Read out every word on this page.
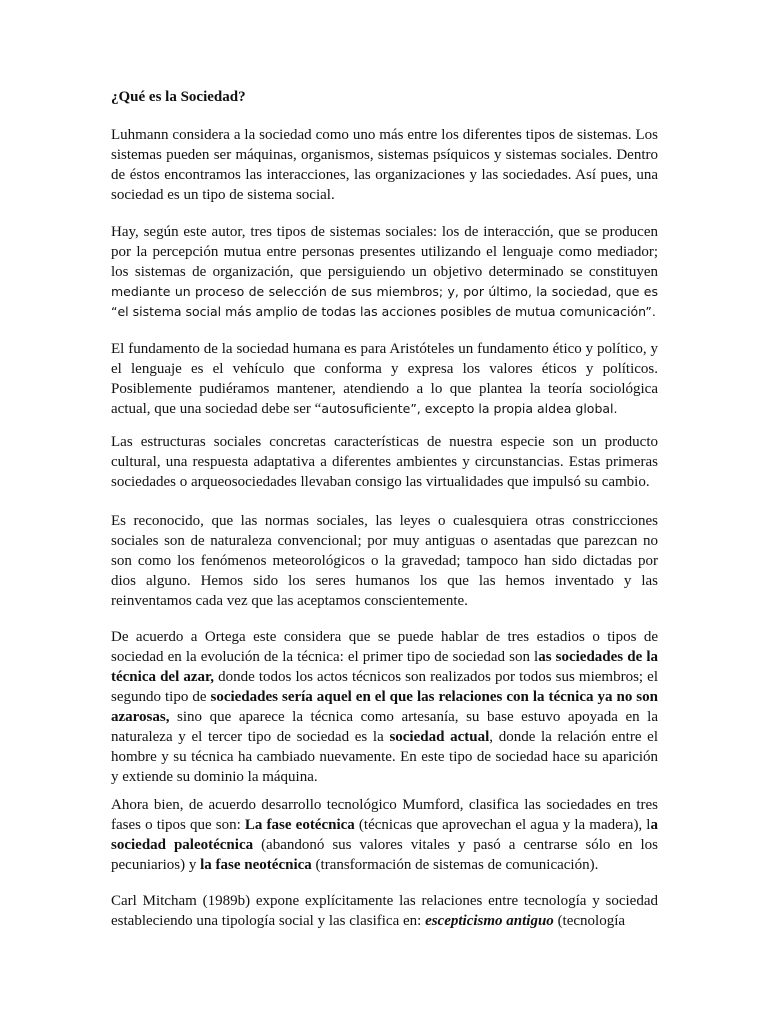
¿Qué es la Sociedad?

Luhmann considera a la sociedad como uno más entre los diferentes tipos de sistemas. Los sistemas pueden ser máquinas, organismos, sistemas psíquicos y sistemas sociales. Dentro de éstos encontramos las interacciones, las organizaciones y las sociedades. Así pues, una sociedad es un tipo de sistema social.

Hay, según este autor, tres tipos de sistemas sociales: los de interacción, que se producen por la percepción mutua entre personas presentes utilizando el lenguaje como mediador; los sistemas de organización, que persiguiendo un objetivo determinado se constituyen mediante un proceso de selección de sus miembros; y, por último, la sociedad, que es “el sistema social más amplio de todas las acciones posibles de mutua comunicación”.

El fundamento de la sociedad humana es para Aristóteles un fundamento ético y político, y el lenguaje es el vehículo que conforma y expresa los valores éticos y políticos. Posiblemente pudiéramos mantener, atendiendo a lo que plantea la teoría sociológica actual, que una sociedad debe ser “autosuficiente”, excepto la propia aldea global.

Las estructuras sociales concretas características de nuestra especie son un producto cultural, una respuesta adaptativa a diferentes ambientes y circunstancias. Estas primeras sociedades o arqueosociedades llevaban consigo las virtualidades que impulsó su cambio.

Es reconocido, que las normas sociales, las leyes o cualesquiera otras constricciones sociales son de naturaleza convencional; por muy antiguas o asentadas que parezcan no son como los fenómenos meteorológicos o la gravedad; tampoco han sido dictadas por dios alguno. Hemos sido los seres humanos los que las hemos inventado y las reinventamos cada vez que las aceptamos conscientemente.

De acuerdo a Ortega este considera que se puede hablar de tres estadios o tipos de sociedad en la evolución de la técnica: el primer tipo de sociedad son las sociedades de la técnica del azar, donde todos los actos técnicos son realizados por todos sus miembros; el segundo tipo de sociedades sería aquel en el que las relaciones con la técnica ya no son azarosas, sino que aparece la técnica como artesanía, su base estuvo apoyada en la naturaleza y el tercer tipo de sociedad es la sociedad actual, donde la relación entre el hombre y su técnica ha cambiado nuevamente. En este tipo de sociedad hace su aparición y extiende su dominio la máquina.

Ahora bien, de acuerdo desarrollo tecnológico Mumford, clasifica las sociedades en tres fases o tipos que son: La fase eotécnica (técnicas que aprovechan el agua y la madera), la sociedad paleotécnica (abandonó sus valores vitales y pasó a centrarse sólo en los pecuniarios) y la fase neotécnica (transformación de sistemas de comunicación).

Carl Mitcham (1989b) expone explícitamente las relaciones entre tecnología y sociedad estableciendo una tipología social y las clasifica en: escepticismo antiguo (tecnología
